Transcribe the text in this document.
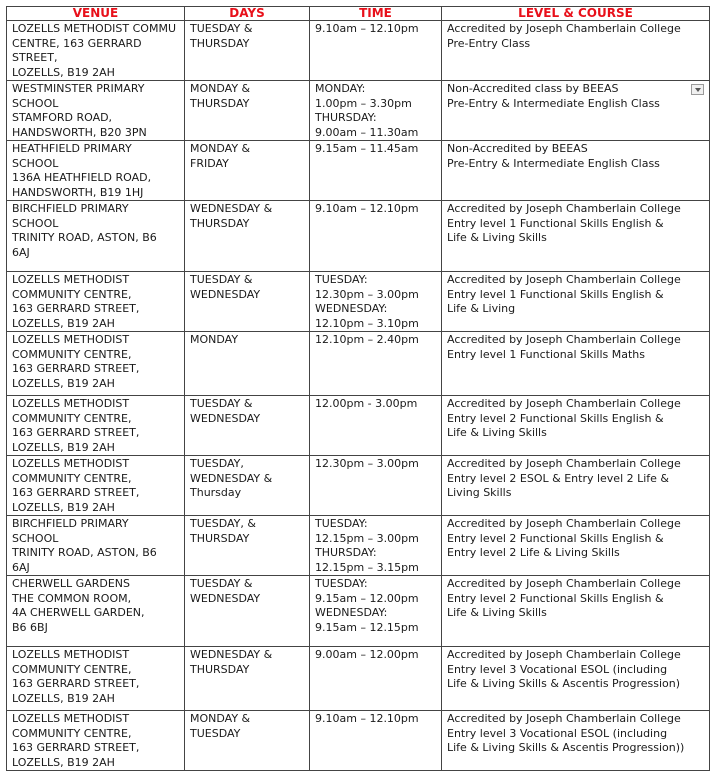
VENUE	DAYS	TIME	LEVEL & COURSE

LOZELLS METHODIST COMMU
CENTRE, 163 GERRARD
STREET,
LOZELLS, B19 2AH	TUESDAY &
THURSDAY	9.10am – 12.10pm	Accredited by Joseph Chamberlain College
Pre-Entry Class

WESTMINSTER PRIMARY
SCHOOL
STAMFORD ROAD,
HANDSWORTH, B20 3PN	MONDAY &
THURSDAY	MONDAY:
1.00pm – 3.30pm
THURSDAY:
9.00am – 11.30am	Non-Accredited class by BEEAS
Pre-Entry & Intermediate English Class

HEATHFIELD PRIMARY
SCHOOL
136A HEATHFIELD ROAD,
HANDSWORTH, B19 1HJ	MONDAY &
FRIDAY	9.15am – 11.45am	Non-Accredited by BEEAS
Pre-Entry & Intermediate English Class

BIRCHFIELD PRIMARY
SCHOOL
TRINITY ROAD, ASTON, B6
6AJ	WEDNESDAY &
THURSDAY	9.10am – 12.10pm	Accredited by Joseph Chamberlain College
Entry level 1 Functional Skills English &
Life & Living Skills

LOZELLS METHODIST
COMMUNITY CENTRE,
163 GERRARD STREET,
LOZELLS, B19 2AH	TUESDAY &
WEDNESDAY	TUESDAY:
12.30pm – 3.00pm
WEDNESDAY:
12.10pm – 3.10pm	Accredited by Joseph Chamberlain College
Entry level 1 Functional Skills English &
Life & Living

LOZELLS METHODIST
COMMUNITY CENTRE,
163 GERRARD STREET,
LOZELLS, B19 2AH	MONDAY	12.10pm – 2.40pm	Accredited by Joseph Chamberlain College
Entry level 1 Functional Skills Maths

LOZELLS METHODIST
COMMUNITY CENTRE,
163 GERRARD STREET,
LOZELLS, B19 2AH	TUESDAY &
WEDNESDAY	12.00pm - 3.00pm	Accredited by Joseph Chamberlain College
Entry level 2 Functional Skills English &
Life & Living Skills

LOZELLS METHODIST
COMMUNITY CENTRE,
163 GERRARD STREET,
LOZELLS, B19 2AH	TUESDAY,
WEDNESDAY &
Thursday	12.30pm – 3.00pm	Accredited by Joseph Chamberlain College
Entry level 2 ESOL & Entry level 2 Life &
Living Skills

BIRCHFIELD PRIMARY
SCHOOL
TRINITY ROAD, ASTON, B6
6AJ	TUESDAY, &
THURSDAY	TUESDAY:
12.15pm – 3.00pm
THURSDAY:
12.15pm – 3.15pm	Accredited by Joseph Chamberlain College
Entry level 2 Functional Skills English &
Entry level 2 Life & Living Skills

CHERWELL GARDENS
THE COMMON ROOM,
4A CHERWELL GARDEN,
B6 6BJ	TUESDAY &
WEDNESDAY	TUESDAY:
9.15am – 12.00pm
WEDNESDAY:
9.15am – 12.15pm	Accredited by Joseph Chamberlain College
Entry level 2 Functional Skills English &
Life & Living Skills

LOZELLS METHODIST
COMMUNITY CENTRE,
163 GERRARD STREET,
LOZELLS, B19 2AH	WEDNESDAY &
THURSDAY	9.00am – 12.00pm	Accredited by Joseph Chamberlain College
Entry level 3 Vocational ESOL (including
Life & Living Skills & Ascentis Progression)

LOZELLS METHODIST
COMMUNITY CENTRE,
163 GERRARD STREET,
LOZELLS, B19 2AH	MONDAY &
TUESDAY	9.10am – 12.10pm	Accredited by Joseph Chamberlain College
Entry level 3 Vocational ESOL (including
Life & Living Skills & Ascentis Progression))
